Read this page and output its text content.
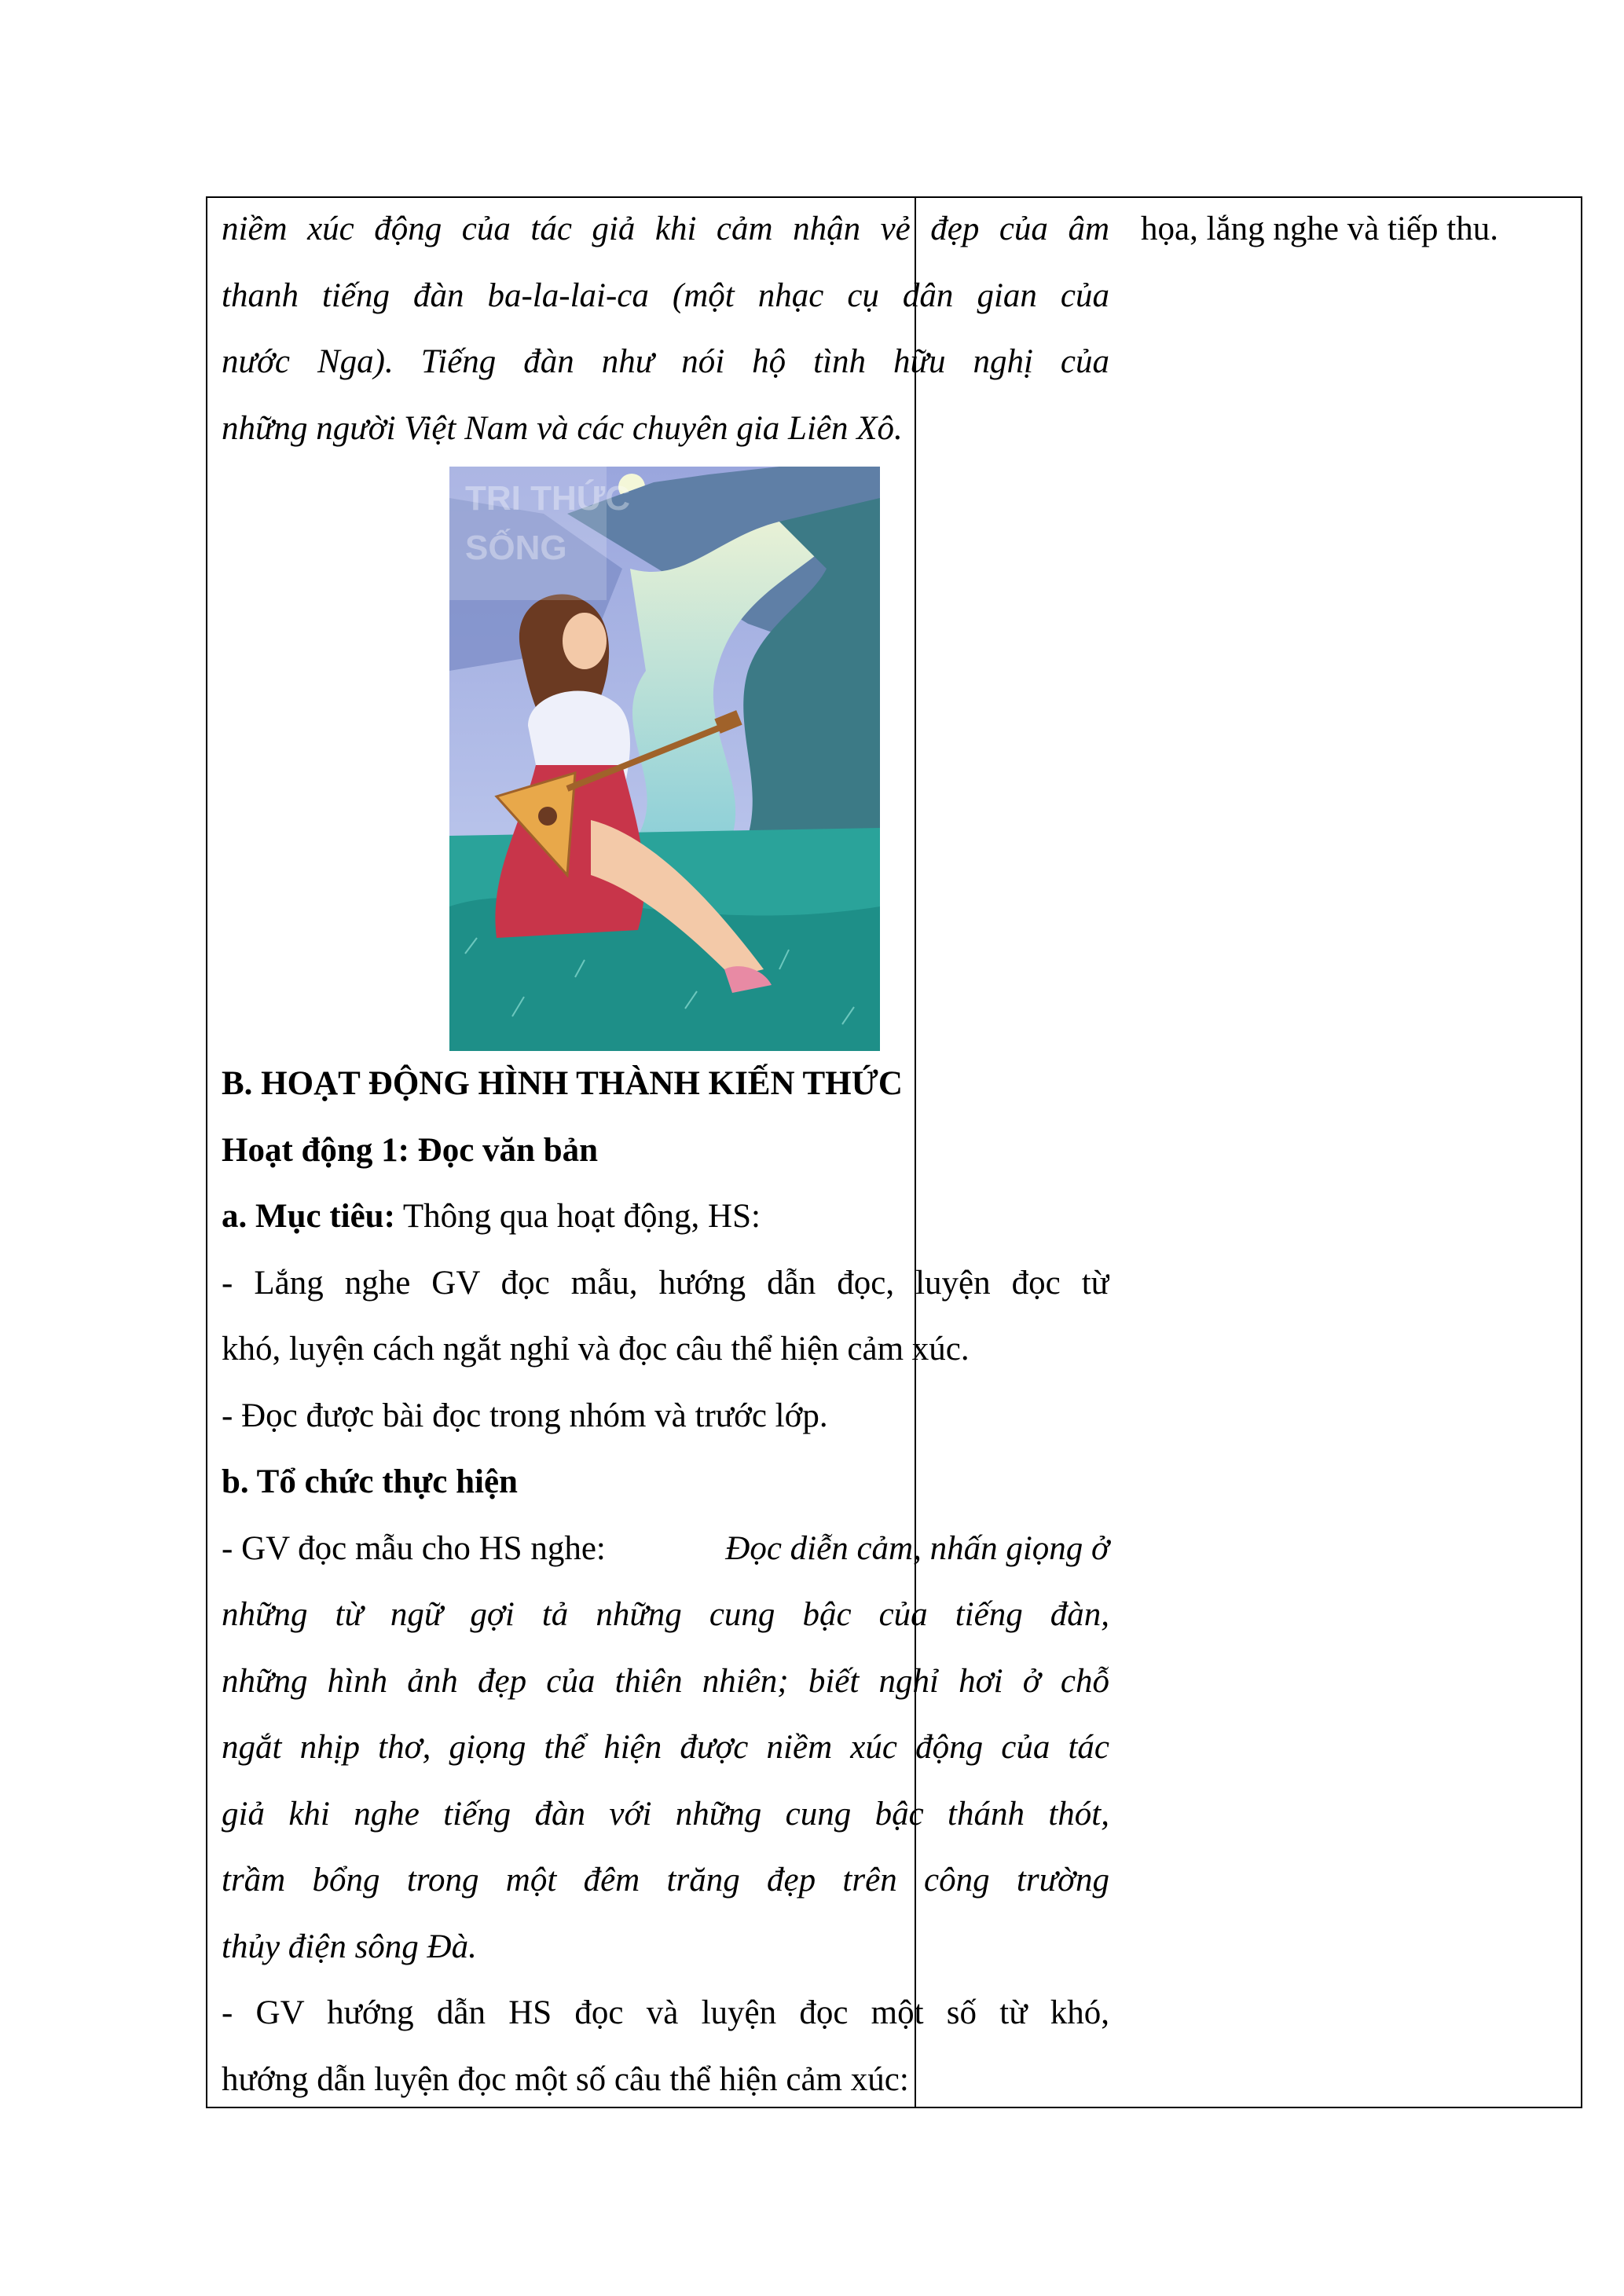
niềm xúc động của tác giả khi cảm nhận vẻ đẹp của âm
thanh tiếng đàn ba-la-lai-ca (một nhạc cụ dân gian của
nước Nga). Tiếng đàn như nói hộ tình hữu nghị của
những người Việt Nam và các chuyên gia Liên Xô.
TRI THỨC
SỐNG
B. HOẠT ĐỘNG HÌNH THÀNH KIẾN THỨC
Hoạt động 1: Đọc văn bản
a. Mục tiêu: Thông qua hoạt động, HS:
- Lắng nghe GV đọc mẫu, hướng dẫn đọc, luyện đọc từ
khó, luyện cách ngắt nghỉ và đọc câu thể hiện cảm xúc.
- Đọc được bài đọc trong nhóm và trước lớp.
b. Tổ chức thực hiện
- GV đọc mẫu cho HS nghe:	Đọc diễn cảm, nhấn giọng ở
những từ ngữ gợi tả những cung bậc của tiếng đàn,
những hình ảnh đẹp của thiên nhiên; biết nghỉ hơi ở chỗ
ngắt nhịp thơ, giọng thể hiện được niềm xúc động của tác
giả khi nghe tiếng đàn với những cung bậc thánh thót,
trầm bổng trong một đêm trăng đẹp trên công trường
thủy điện sông Đà.
- GV hướng dẫn HS đọc và luyện đọc một số từ khó,
hướng dẫn luyện đọc một số câu thể hiện cảm xúc:
họa, lắng nghe và tiếp thu.
